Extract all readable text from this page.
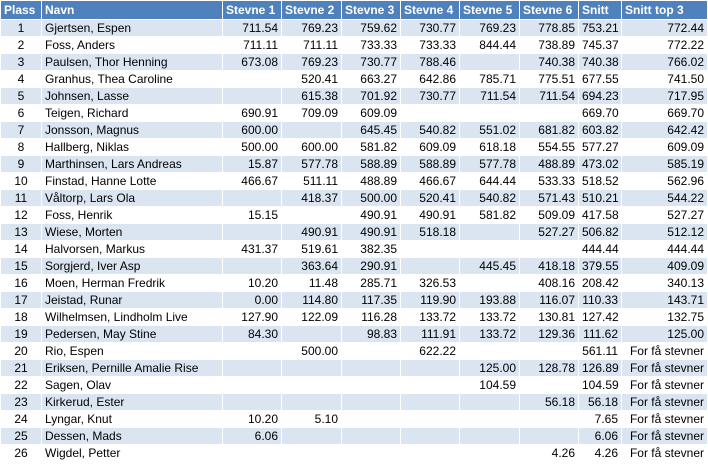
Plass	Navn	Stevne 1	Stevne 2	Stevne 3	Stevne 4	Stevne 5	Stevne 6	Snitt	Snitt top 3
1	Gjertsen, Espen	711.54	769.23	759.62	730.77	769.23	778.85	753.21	772.44
2	Foss, Anders	711.11	711.11	733.33	733.33	844.44	738.89	745.37	772.22
3	Paulsen, Thor Henning	673.08	769.23	730.77	788.46		740.38	740.38	766.02
4	Granhus, Thea Caroline		520.41	663.27	642.86	785.71	775.51	677.55	741.50
5	Johnsen, Lasse		615.38	701.92	730.77	711.54	711.54	694.23	717.95
6	Teigen, Richard	690.91	709.09	609.09				669.70	669.70
7	Jonsson, Magnus	600.00		645.45	540.82	551.02	681.82	603.82	642.42
8	Hallberg, Niklas	500.00	600.00	581.82	609.09	618.18	554.55	577.27	609.09
9	Marthinsen, Lars Andreas	15.87	577.78	588.89	588.89	577.78	488.89	473.02	585.19
10	Finstad, Hanne Lotte	466.67	511.11	488.89	466.67	644.44	533.33	518.52	562.96
11	Våltorp, Lars Ola		418.37	500.00	520.41	540.82	571.43	510.21	544.22
12	Foss, Henrik	15.15		490.91	490.91	581.82	509.09	417.58	527.27
13	Wiese, Morten		490.91	490.91	518.18		527.27	506.82	512.12
14	Halvorsen, Markus	431.37	519.61	382.35				444.44	444.44
15	Sorgjerd, Iver Asp		363.64	290.91		445.45	418.18	379.55	409.09
16	Moen, Herman Fredrik	10.20	11.48	285.71	326.53		408.16	208.42	340.13
17	Jeistad, Runar	0.00	114.80	117.35	119.90	193.88	116.07	110.33	143.71
18	Wilhelmsen, Lindholm Live	127.90	122.09	116.28	133.72	133.72	130.81	127.42	132.75
19	Pedersen, May Stine	84.30		98.83	111.91	133.72	129.36	111.62	125.00
20	Rio, Espen		500.00		622.22			561.11	For få stevner
21	Eriksen, Pernille Amalie Rise					125.00	128.78	126.89	For få stevner
22	Sagen, Olav					104.59		104.59	For få stevner
23	Kirkerud, Ester						56.18	56.18	For få stevner
24	Lyngar, Knut	10.20	5.10					7.65	For få stevner
25	Dessen, Mads	6.06						6.06	For få stevner
26	Wigdel, Petter						4.26	4.26	For få stevner
